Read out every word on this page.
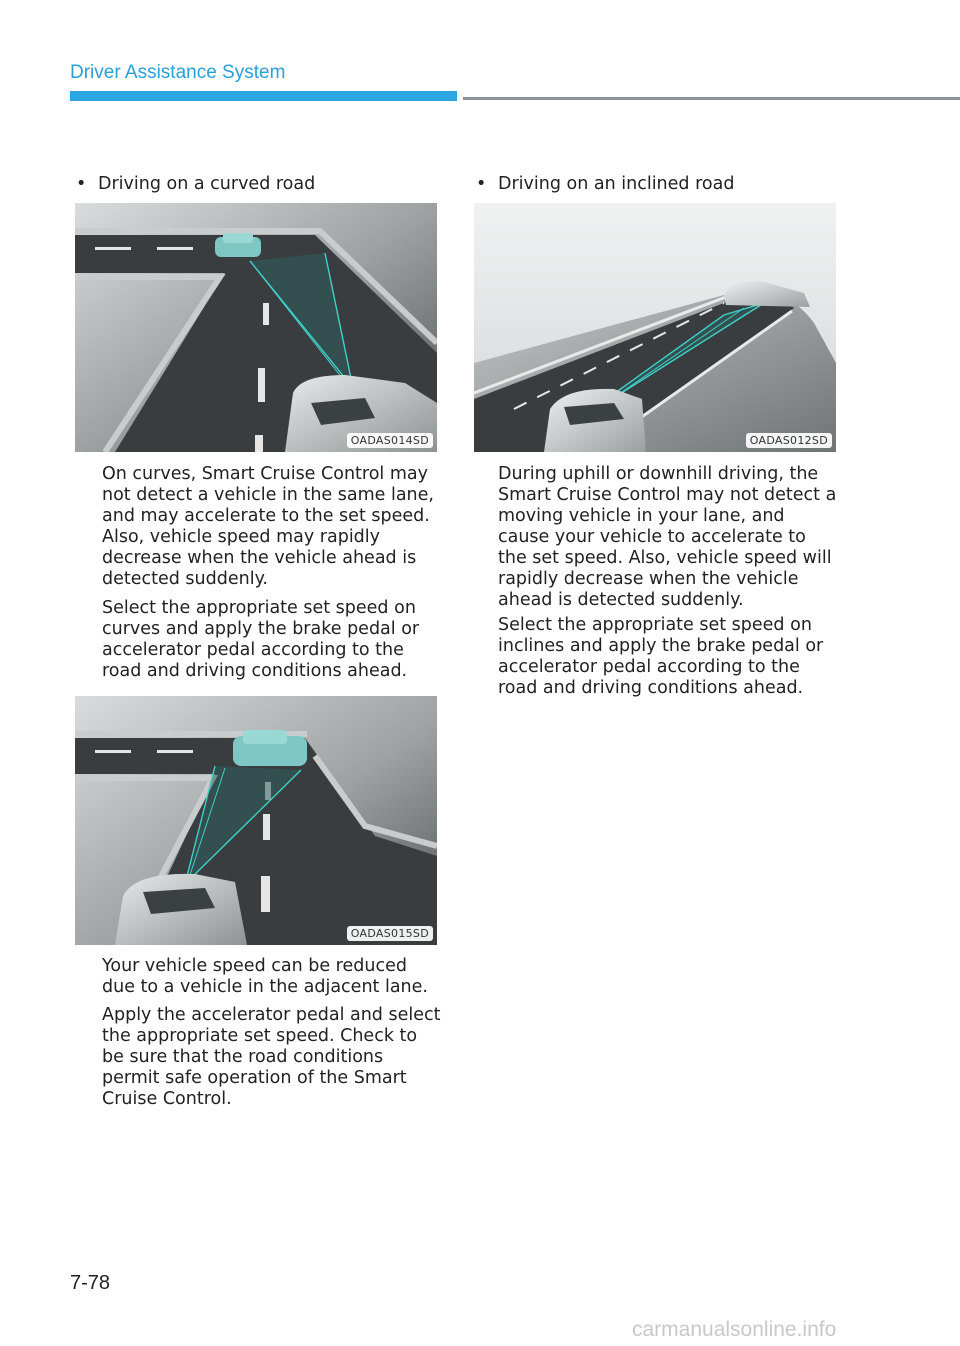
Driver Assistance System
• Driving on a curved road
OADAS014SD

On curves, Smart Cruise Control may not detect a vehicle in the same lane, and may accelerate to the set speed. Also, vehicle speed may rapidly decrease when the vehicle ahead is detected suddenly.

Select the appropriate set speed on curves and apply the brake pedal or accelerator pedal according to the road and driving conditions ahead.

OADAS015SD

Your vehicle speed can be reduced due to a vehicle in the adjacent lane.

Apply the accelerator pedal and select the appropriate set speed. Check to be sure that the road conditions permit safe operation of the Smart Cruise Control.

• Driving on an inclined road
OADAS012SD

During uphill or downhill driving, the Smart Cruise Control may not detect a moving vehicle in your lane, and cause your vehicle to accelerate to the set speed. Also, vehicle speed will rapidly decrease when the vehicle ahead is detected suddenly.

Select the appropriate set speed on inclines and apply the brake pedal or accelerator pedal according to the road and driving conditions ahead.

7-78
carmanualsonline.info
